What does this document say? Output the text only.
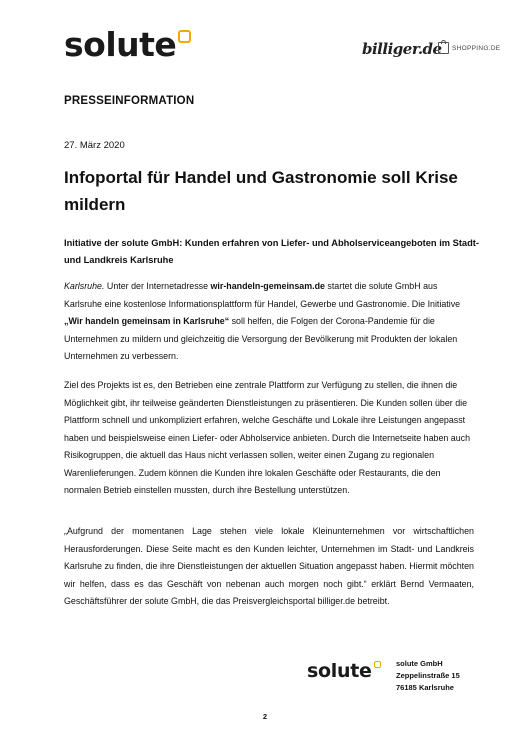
solute	billiger.de SHOPPING.DE
PRESSEINFORMATION
27. März 2020
Infoportal für Handel und Gastronomie soll Krise mildern
Initiative der solute GmbH: Kunden erfahren von Liefer- und Abholserviceangeboten im Stadt- und Landkreis Karlsruhe

Karlsruhe. Unter der Internetadresse wir-handeln-gemeinsam.de startet die solute GmbH aus Karlsruhe eine kostenlose Informationsplattform für Handel, Gewerbe und Gastronomie. Die Initiative „Wir handeln gemeinsam in Karlsruhe“ soll helfen, die Folgen der Corona-Pandemie für die Unternehmen zu mildern und gleichzeitig die Versorgung der Bevölkerung mit Produkten der lokalen Unternehmen zu verbessern.

Ziel des Projekts ist es, den Betrieben eine zentrale Plattform zur Verfügung zu stellen, die ihnen die Möglichkeit gibt, ihr teilweise geänderten Dienstleistungen zu präsentieren. Die Kunden sollen über die Plattform schnell und unkompliziert erfahren, welche Geschäfte und Lokale ihre Leistungen angepasst haben und beispielsweise einen Liefer- oder Abholservice anbieten. Durch die Internetseite haben auch Risikogruppen, die aktuell das Haus nicht verlassen sollen, weiter einen Zugang zu regionalen Warenlieferungen. Zudem können die Kunden ihre lokalen Geschäfte oder Restaurants, die den normalen Betrieb einstellen mussten, durch ihre Bestellung unterstützen.

„Aufgrund der momentanen Lage stehen viele lokale Kleinunternehmen vor wirtschaftlichen Herausforderungen. Diese Seite macht es den Kunden leichter, Unternehmen im Stadt- und Landkreis Karlsruhe zu finden, die ihre Dienstleistungen der aktuellen Situation angepasst haben. Hiermit möchten wir helfen, dass es das Geschäft von nebenan auch morgen noch gibt.“ erklärt Bernd Vermaaten, Geschäftsführer der solute GmbH, die das Preisvergleichsportal billiger.de betreibt.

solute	solute GmbH
Zeppelinstraße 15
76185 Karlsruhe
2
